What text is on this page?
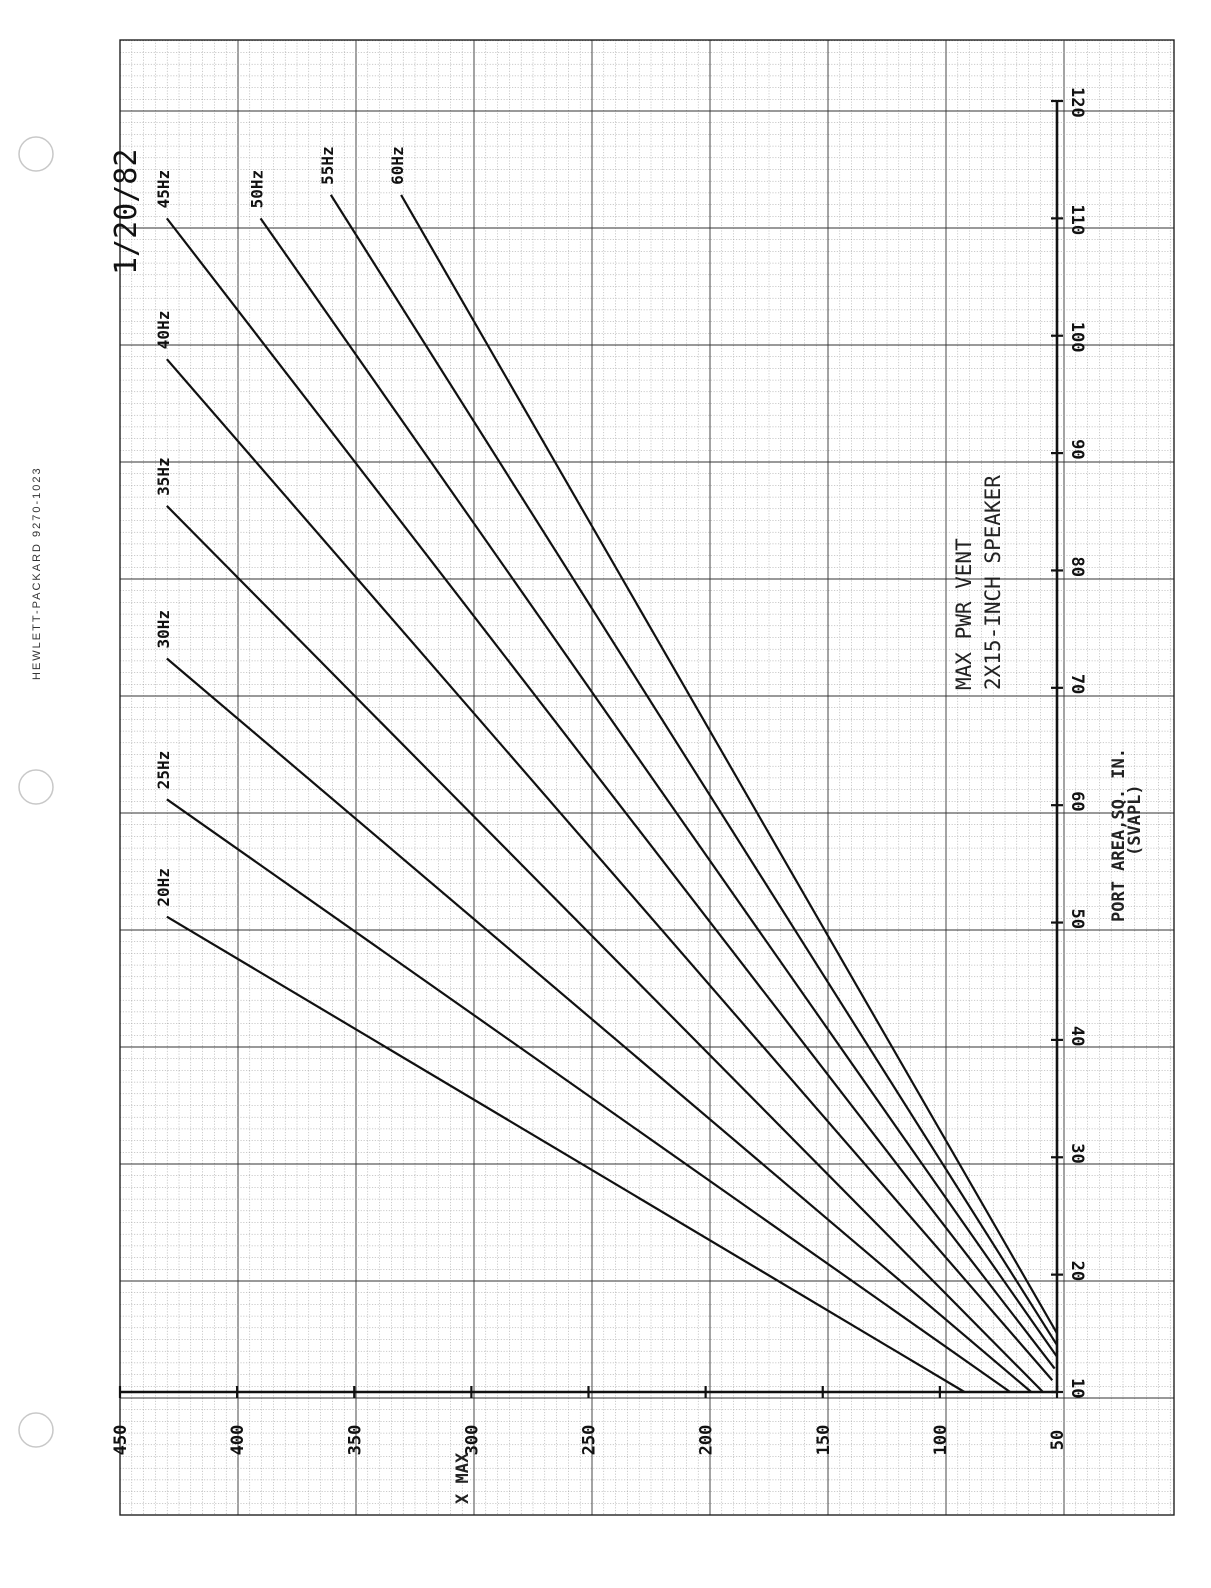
HEWLETT-PACKARD 9270-1023
10
20
30
40
50
60
70
80
90
100
110
120
50
100
150
200
250
300
350
400
450
20Hz
25Hz
30Hz
35Hz
40Hz
45Hz	50Hz
55Hz	60Hz
1/20/82
MAX PWR VENT 2X15-INCH SPEAKER
PORT AREA,SQ. IN.
(SVAPL)
X MAX
